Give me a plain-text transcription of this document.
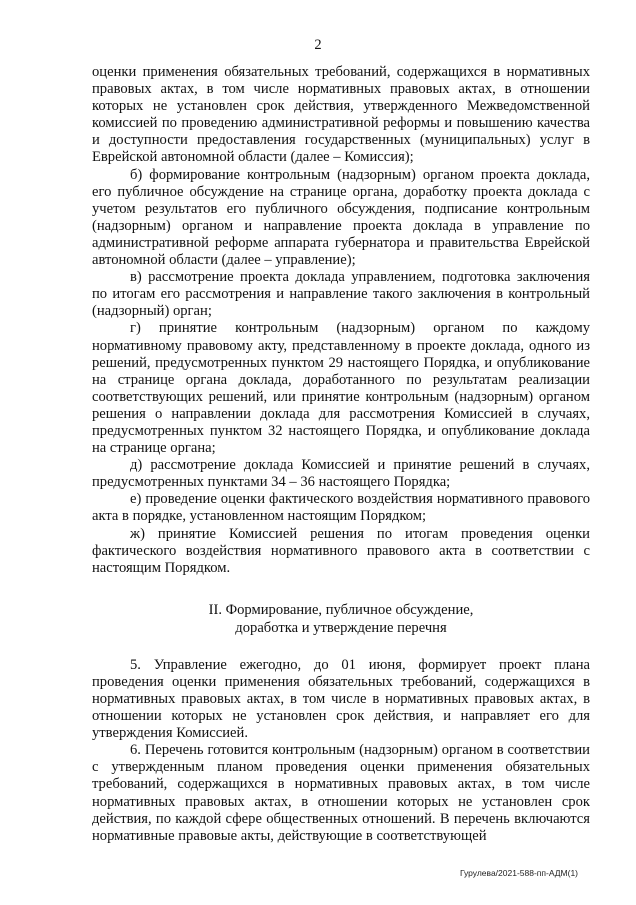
2

оценки применения обязательных требований, содержащихся в нормативных правовых актах, в том числе нормативных правовых актах, в отношении которых не установлен срок действия, утвержденного Межведомственной комиссией по проведению административной реформы и повышению качества и доступности предоставления государственных (муниципальных) услуг в Еврейской автономной области (далее – Комиссия);

б) формирование контрольным (надзорным) органом проекта доклада, его публичное обсуждение на странице органа, доработку проекта доклада с учетом результатов его публичного обсуждения, подписание контрольным (надзорным) органом и направление проекта доклада в управление по административной реформе аппарата губернатора и правительства Еврейской автономной области (далее – управление);

в) рассмотрение проекта доклада управлением, подготовка заключения по итогам его рассмотрения и направление такого заключения в контрольный (надзорный) орган;

г) принятие контрольным (надзорным) органом по каждому нормативному правовому акту, представленному в проекте доклада, одного из решений, предусмотренных пунктом 29 настоящего Порядка, и опубликование на странице органа доклада, доработанного по результатам реализации соответствующих решений, или принятие контрольным (надзорным) органом решения о направлении доклада для рассмотрения Комиссией в случаях, предусмотренных пунктом 32 настоящего Порядка, и опубликование доклада на странице органа;

д) рассмотрение доклада Комиссией и принятие решений в случаях, предусмотренных пунктами 34 – 36 настоящего Порядка;

е) проведение оценки фактического воздействия нормативного правового акта в порядке, установленном настоящим Порядком;

ж) принятие Комиссией решения по итогам проведения оценки фактического воздействия нормативного правового акта в соответствии с настоящим Порядком.

II. Формирование, публичное обсуждение,
доработка и утверждение перечня

5. Управление ежегодно, до 01 июня, формирует проект плана проведения оценки применения обязательных требований, содержащихся в нормативных правовых актах, в том числе в нормативных правовых актах, в отношении которых не установлен срок действия, и направляет его для утверждения Комиссией.

6. Перечень готовится контрольным (надзорным) органом в соответствии с утвержденным планом проведения оценки применения обязательных требований, содержащихся в нормативных правовых актах, в том числе нормативных правовых актах, в отношении которых не установлен срок действия, по каждой сфере общественных отношений. В перечень включаются нормативные правовые акты, действующие в соответствующей

Гурулева/2021-588-пп-АДМ(1)
